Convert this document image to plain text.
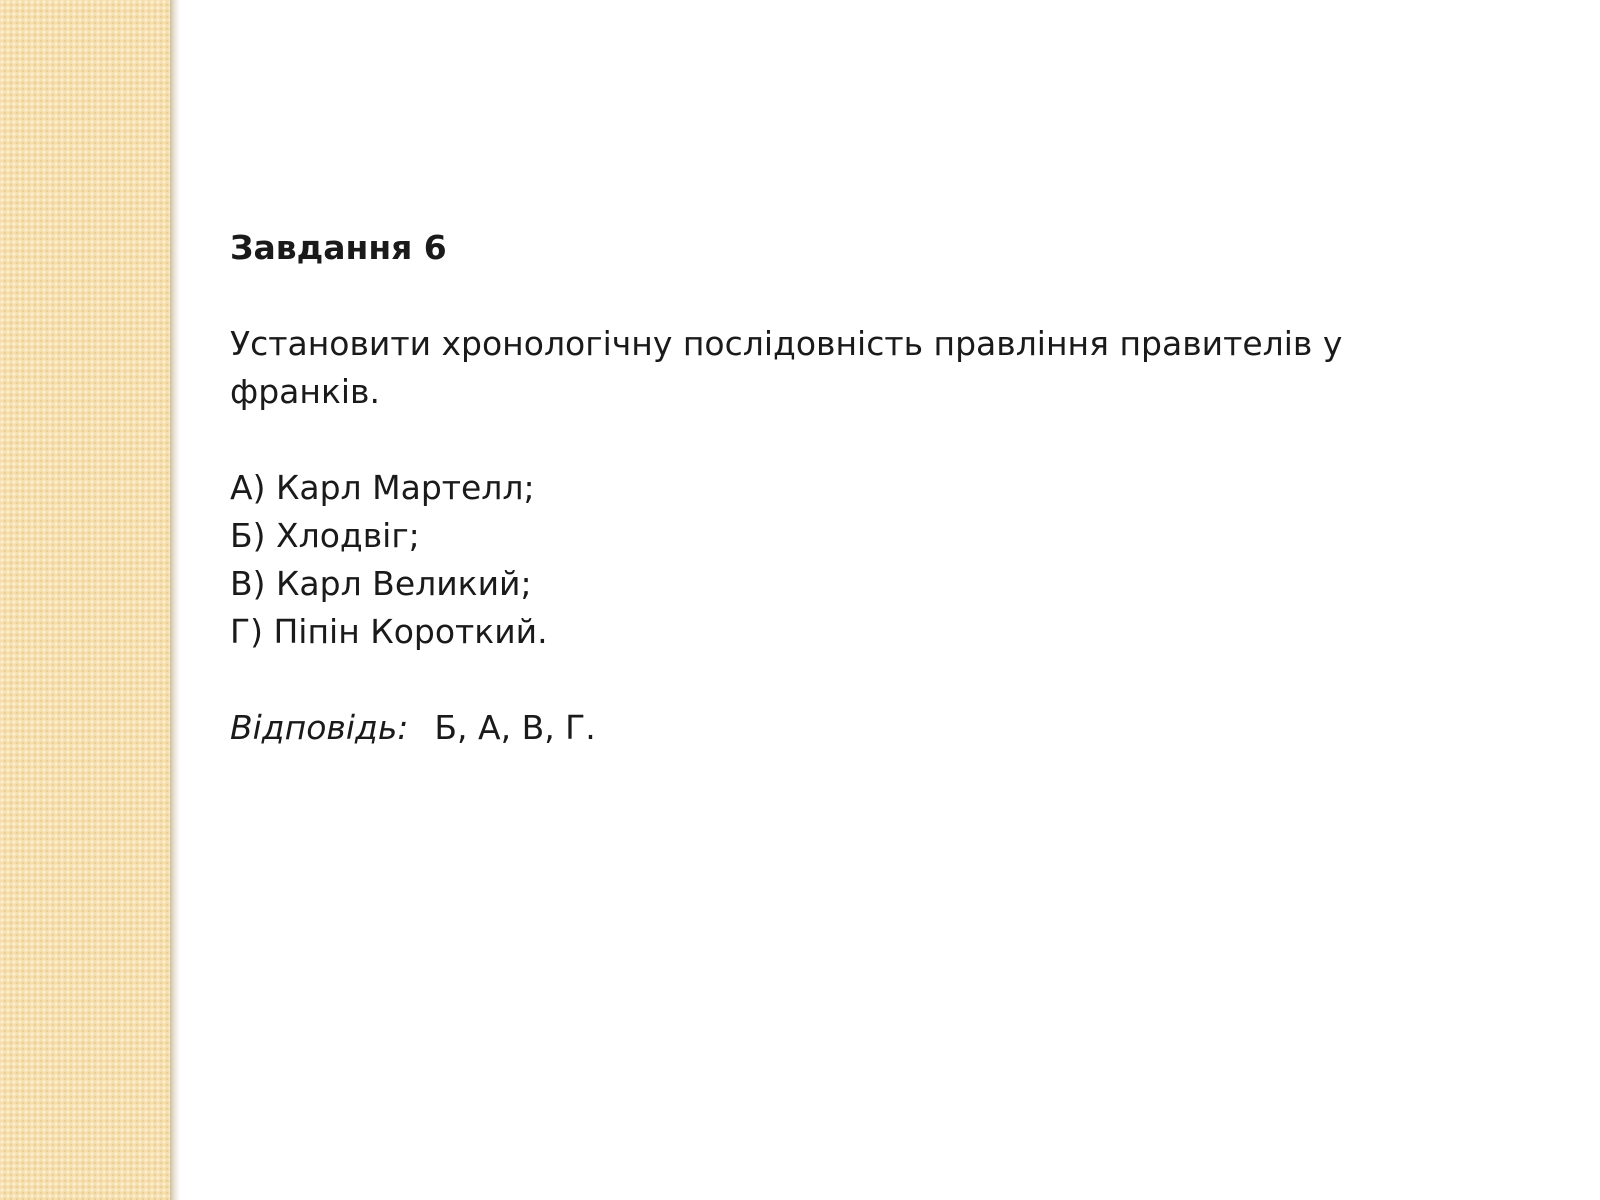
Завдання 6

Установити хронологічну послідовність правління правителів у франків.

А) Карл Мартелл;
Б) Хлодвіг;
В) Карл Великий;
Г) Піпін Короткий.

Відповідь: Б, А, В, Г.
